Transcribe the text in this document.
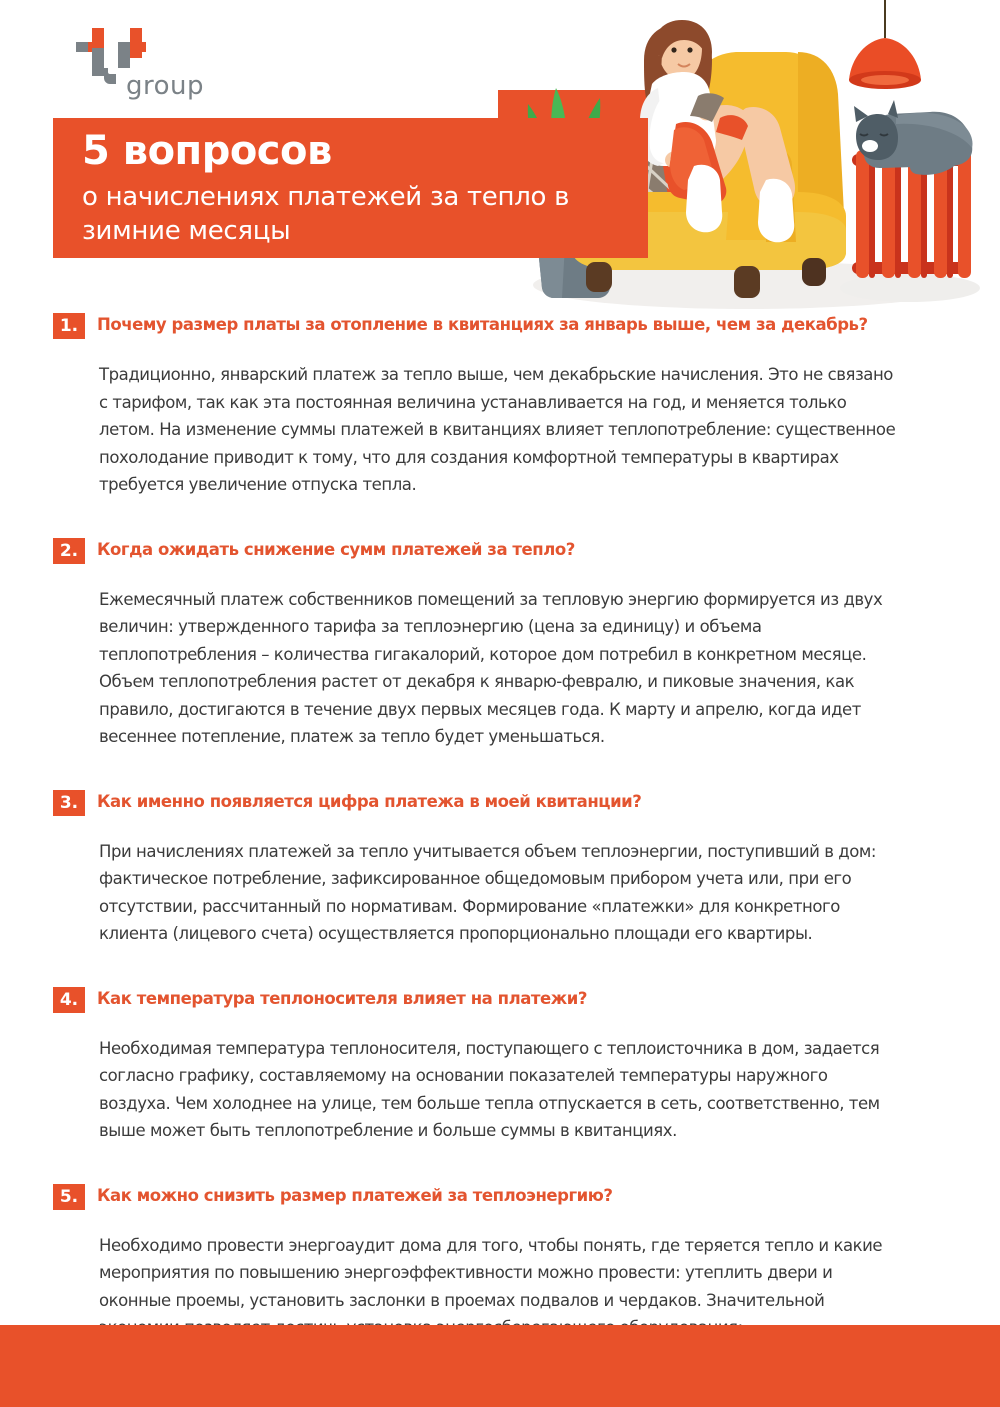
group
5 вопросов
о начислениях платежей за тепло в зимние месяцы
1.	Почему размер платы за отопление в квитанциях за январь выше, чем за декабрь?

Традиционно, январский платеж за тепло выше, чем декабрьские начисления. Это не связано с тарифом, так как эта постоянная величина устанавливается на год, и меняется только летом. На изменение суммы платежей в квитанциях влияет теплопотребление: существенное похолодание приводит к тому, что для создания комфортной температуры в квартирах требуется увеличение отпуска тепла.

2.	Когда ожидать снижение сумм платежей за тепло?

Ежемесячный платеж собственников помещений за тепловую энергию формируется из двух величин: утвержденного тарифа за теплоэнергию (цена за единицу) и объема теплопотребления – количества гигакалорий, которое дом потребил в конкретном месяце. Объем теплопотребления растет от декабря к январю-февралю, и пиковые значения, как правило, достигаются в течение двух первых месяцев года. К марту и апрелю, когда идет весеннее потепление, платеж за тепло будет уменьшаться.

3.	Как именно появляется цифра платежа в моей квитанции?

При начислениях платежей за тепло учитывается объем теплоэнергии, поступивший в дом: фактическое потребление, зафиксированное общедомовым прибором учета или, при его отсутствии, рассчитанный по нормативам. Формирование «платежки» для конкретного клиента (лицевого счета) осуществляется пропорционально площади его квартиры.

4.	Как температура теплоносителя влияет на платежи?

Необходимая температура теплоносителя, поступающего с теплоисточника в дом, задается согласно графику, составляемому на основании показателей температуры наружного воздуха. Чем холоднее на улице, тем больше тепла отпускается в сеть, соответственно, тем выше может быть теплопотребление и больше суммы в квитанциях.

5.	Как можно снизить размер платежей за теплоэнергию?

Необходимо провести энергоаудит дома для того, чтобы понять, где теряется тепло и какие мероприятия по повышению энергоэффективности можно провести: утеплить двери и оконные проемы, установить заслонки в проемах подвалов и чердаков. Значительной
